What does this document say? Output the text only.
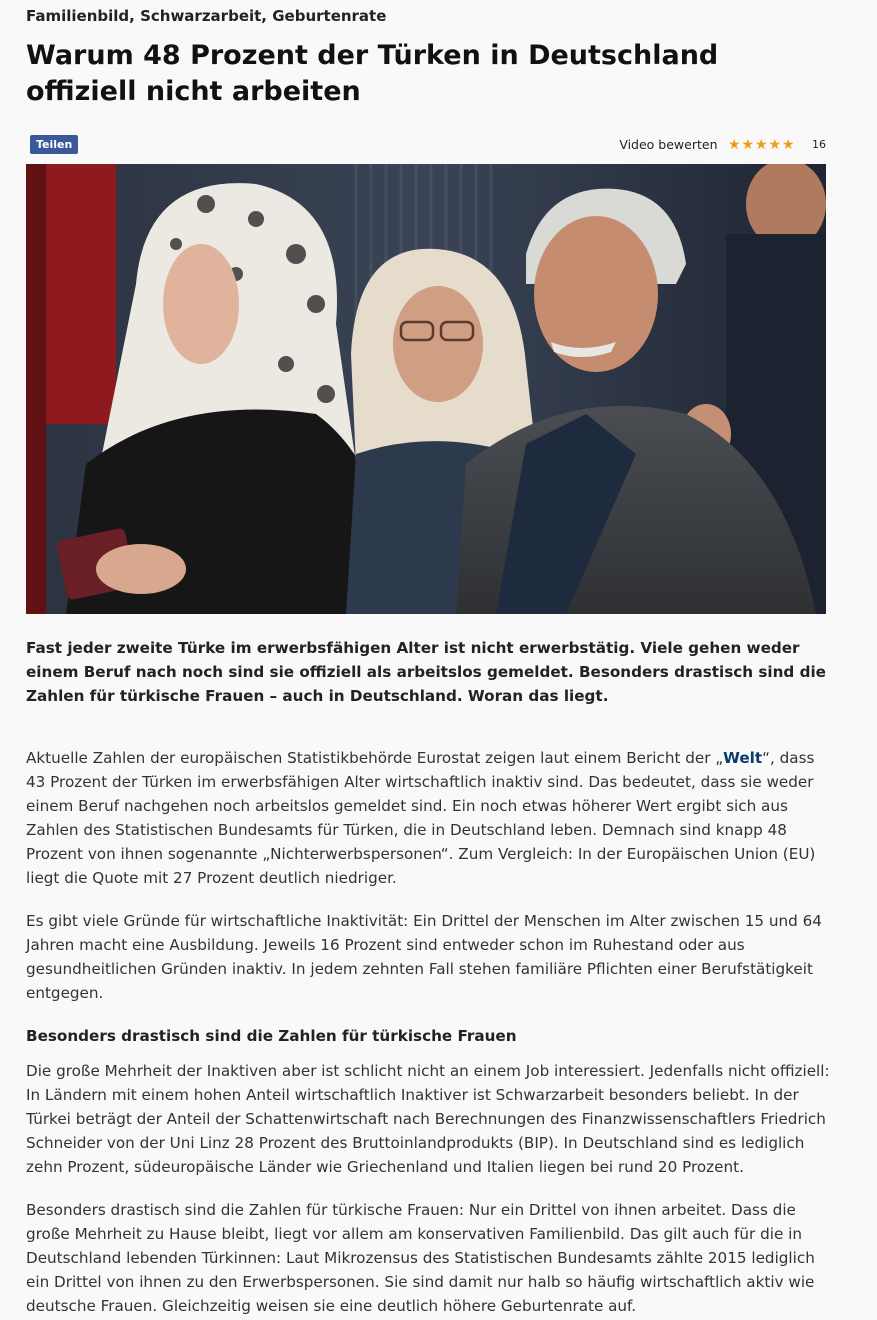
Familienbild, Schwarzarbeit, Geburtenrate
Warum 48 Prozent der Türken in Deutschland offiziell nicht arbeiten
Teilen	Video bewerten ★ ★ ★ ★ ★ 16

Fast jeder zweite Türke im erwerbsfähigen Alter ist nicht erwerbstätig. Viele gehen weder einem Beruf nach noch sind sie offiziell als arbeitslos gemeldet. Besonders drastisch sind die Zahlen für türkische Frauen – auch in Deutschland. Woran das liegt.

Aktuelle Zahlen der europäischen Statistikbehörde Eurostat zeigen laut einem Bericht der „Welt“, dass 43 Prozent der Türken im erwerbsfähigen Alter wirtschaftlich inaktiv sind. Das bedeutet, dass sie weder einem Beruf nachgehen noch arbeitslos gemeldet sind. Ein noch etwas höherer Wert ergibt sich aus Zahlen des Statistischen Bundesamts für Türken, die in Deutschland leben. Demnach sind knapp 48 Prozent von ihnen sogenannte „Nichterwerbspersonen“. Zum Vergleich: In der Europäischen Union (EU) liegt die Quote mit 27 Prozent deutlich niedriger.

Es gibt viele Gründe für wirtschaftliche Inaktivität: Ein Drittel der Menschen im Alter zwischen 15 und 64 Jahren macht eine Ausbildung. Jeweils 16 Prozent sind entweder schon im Ruhestand oder aus gesundheitlichen Gründen inaktiv. In jedem zehnten Fall stehen familiäre Pflichten einer Berufstätigkeit entgegen.

Besonders drastisch sind die Zahlen für türkische Frauen

Die große Mehrheit der Inaktiven aber ist schlicht nicht an einem Job interessiert. Jedenfalls nicht offiziell: In Ländern mit einem hohen Anteil wirtschaftlich Inaktiver ist Schwarzarbeit besonders beliebt. In der Türkei beträgt der Anteil der Schattenwirtschaft nach Berechnungen des Finanzwissenschaftlers Friedrich Schneider von der Uni Linz 28 Prozent des Bruttoinlandprodukts (BIP). In Deutschland sind es lediglich zehn Prozent, südeuropäische Länder wie Griechenland und Italien liegen bei rund 20 Prozent.

Besonders drastisch sind die Zahlen für türkische Frauen: Nur ein Drittel von ihnen arbeitet. Dass die große Mehrheit zu Hause bleibt, liegt vor allem am konservativen Familienbild. Das gilt auch für die in Deutschland lebenden Türkinnen: Laut Mikrozensus des Statistischen Bundesamts zählte 2015 lediglich ein Drittel von ihnen zu den Erwerbspersonen. Sie sind damit nur halb so häufig wirtschaftlich aktiv wie deutsche Frauen. Gleichzeitig weisen sie eine deutlich höhere Geburtenrate auf.
